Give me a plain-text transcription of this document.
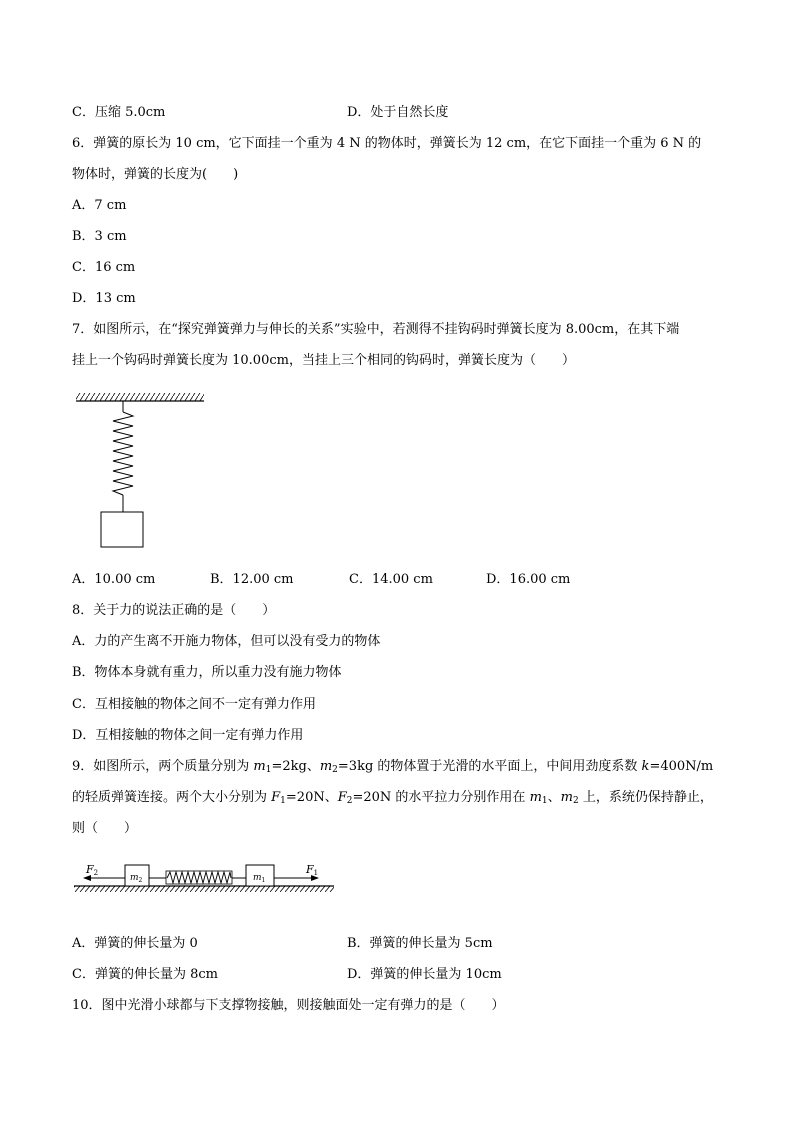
C．压缩 5.0cm	D．处于自然长度
6．弹簧的原长为 10 cm，它下面挂一个重为 4 N 的物体时，弹簧长为 12 cm，在它下面挂一个重为 6 N 的
物体时，弹簧的长度为(　　)
A．7 cm
B．3 cm
C．16 cm
D．13 cm
7．如图所示，在“探究弹簧弹力与伸长的关系”实验中，若测得不挂钩码时弹簧长度为 8.00cm，在其下端
挂上一个钩码时弹簧长度为 10.00cm，当挂上三个相同的钩码时，弹簧长度为（　　）
A．10.00 cm	B．12.00 cm	C．14.00 cm	D．16.00 cm
8．关于力的说法正确的是（　　）
A．力的产生离不开施力物体，但可以没有受力的物体
B．物体本身就有重力，所以重力没有施力物体
C．互相接触的物体之间不一定有弹力作用
D．互相接触的物体之间一定有弹力作用
9．如图所示，两个质量分别为 $m_1=2kg$、$m_2=3kg$ 的物体置于光滑的水平面上，中间用劲度系数 k=400N/m
的轻质弹簧连接。两个大小分别为 $F_1=20N$、$F_2=20N$ 的水平拉力分别作用在 $m_1$、$m_2$ 上，系统仍保持静止，
则（　　）
F2	$m_2$	$m_1$
F1
A．弹簧的伸长量为 0	B．弹簧的伸长量为 5cm
C．弹簧的伸长量为 8cm	D．弹簧的伸长量为 10cm
10．图中光滑小球都与下支撑物接触，则接触面处一定有弹力的是（　　）
